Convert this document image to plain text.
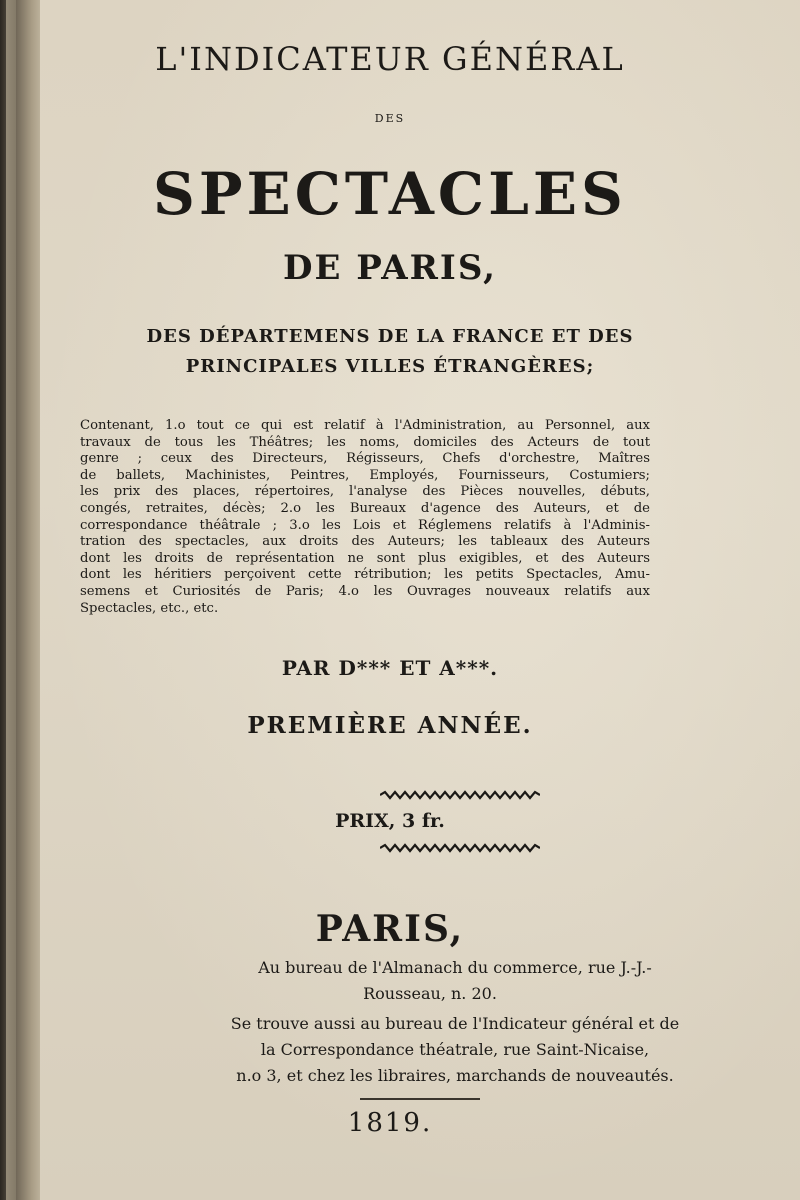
L'INDICATEUR GÉNÉRAL
DES
SPECTACLES
DE PARIS,
DES DÉPARTEMENS DE LA FRANCE ET DES
PRINCIPALES VILLES ÉTRANGÈRES;
Contenant, 1.o tout ce qui est relatif à l'Administration, au Personnel, aux
travaux de tous les Théâtres; les noms, domiciles des Acteurs de tout
genre ; ceux des Directeurs, Régisseurs, Chefs d'orchestre, Maîtres
de ballets, Machinistes, Peintres, Employés, Fournisseurs, Costumiers;
les prix des places, répertoires, l'analyse des Pièces nouvelles, débuts,
congés, retraites, décès; 2.o les Bureaux d'agence des Auteurs, et de
correspondance théâtrale ; 3.o les Lois et Réglemens relatifs à l'Adminis-
tration des spectacles, aux droits des Auteurs; les tableaux des Auteurs
dont les droits de représentation ne sont plus exigibles, et des Auteurs
dont les héritiers perçoivent cette rétribution; les petits Spectacles, Amu-
semens et Curiosités de Paris; 4.o les Ouvrages nouveaux relatifs aux
Spectacles, etc., etc.
PAR D*** ET A***.
PREMIÈRE ANNÉE.
PRIX, 3 fr.
PARIS,
Au bureau de l'Almanach du commerce, rue J.-J.-
Rousseau, n. 20.
Se trouve aussi au bureau de l'Indicateur général et de
la Correspondance théatrale, rue Saint-Nicaise,
n.o 3, et chez les libraires, marchands de nouveautés.
1819.
